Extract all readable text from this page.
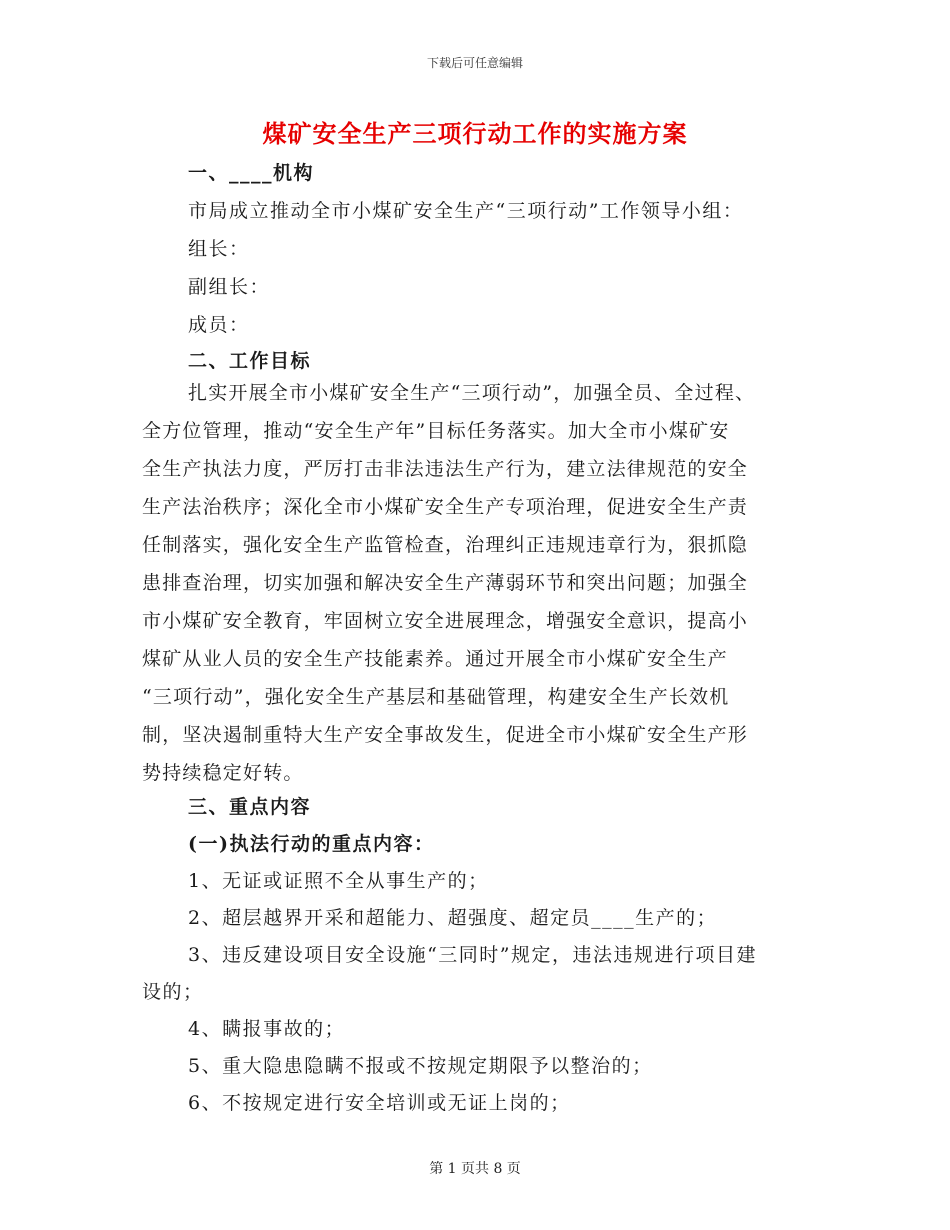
下载后可任意编辑
煤矿安全生产三项行动工作的实施方案
一、____机构
市局成立推动全市小煤矿安全生产“三项行动”工作领导小组：
组长：
副组长：
成员：
二、工作目标
扎实开展全市小煤矿安全生产“三项行动”，加强全员、全过程、
全方位管理，推动“安全生产年”目标任务落实。加大全市小煤矿安
全生产执法力度，严厉打击非法违法生产行为，建立法律规范的安全
生产法治秩序；深化全市小煤矿安全生产专项治理，促进安全生产责
任制落实，强化安全生产监管检查，治理纠正违规违章行为，狠抓隐
患排查治理，切实加强和解决安全生产薄弱环节和突出问题；加强全
市小煤矿安全教育，牢固树立安全进展理念，增强安全意识，提高小
煤矿从业人员的安全生产技能素养。通过开展全市小煤矿安全生产
“三项行动”，强化安全生产基层和基础管理，构建安全生产长效机
制，坚决遏制重特大生产安全事故发生，促进全市小煤矿安全生产形
势持续稳定好转。
三、重点内容
(一)执法行动的重点内容：
1、无证或证照不全从事生产的；
2、超层越界开采和超能力、超强度、超定员____生产的；
3、违反建设项目安全设施“三同时”规定，违法违规进行项目建
设的；
4、瞒报事故的；
5、重大隐患隐瞒不报或不按规定期限予以整治的；
6、不按规定进行安全培训或无证上岗的；
第 1 页共 8 页
